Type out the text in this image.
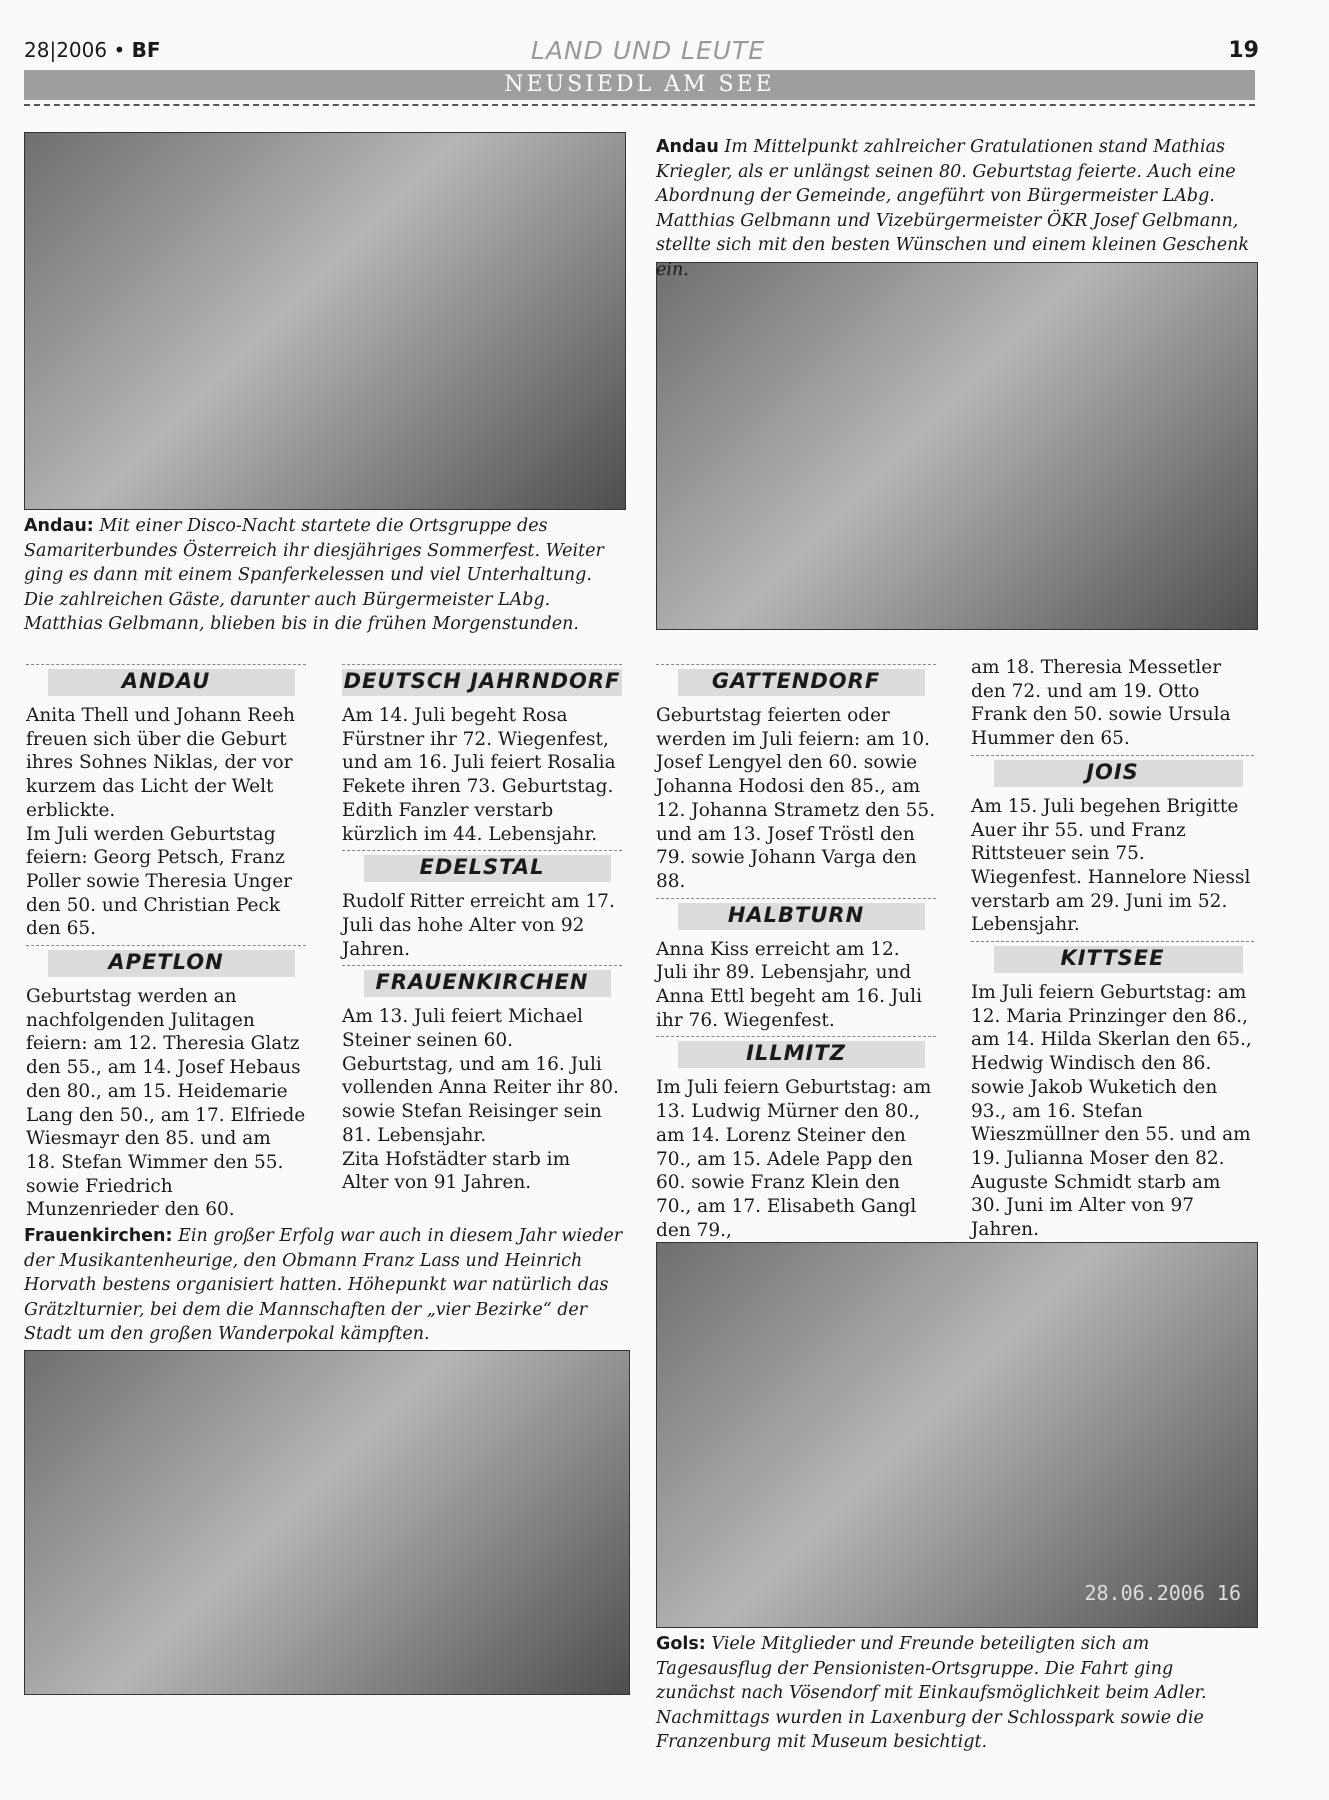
28|2006 • BF	LAND UND LEUTE	19
NEUSIEDL AM SEE
28.06.2006 16
Andau Im Mittelpunkt zahlreicher Gratulationen stand Mathias Kriegler, als er unlängst seinen 80. Geburtstag feierte. Auch eine Abordnung der Gemeinde, angeführt von Bürgermeister LAbg. Matthias Gelbmann und Vizebürgermeister ÖKR Josef Gelbmann, stellte sich mit den besten Wünschen und einem kleinen Geschenk ein.
Andau: Mit einer Disco-Nacht startete die Ortsgruppe des Samariterbundes Österreich ihr diesjähriges Sommerfest. Weiter ging es dann mit einem Spanferkelessen und viel Unterhaltung. Die zahlreichen Gäste, darunter auch Bürgermeister LAbg. Matthias Gelbmann, blieben bis in die frühen Morgenstunden.
Frauenkirchen: Ein großer Erfolg war auch in diesem Jahr wieder der Musikantenheurige, den Obmann Franz Lass und Heinrich Horvath bestens organisiert hatten. Höhepunkt war natürlich das Grätzlturnier, bei dem die Mannschaften der „vier Bezirke“ der Stadt um den großen Wanderpokal kämpften.
Gols: Viele Mitglieder und Freunde beteiligten sich am Tagesausflug der Pensionisten-Ortsgruppe. Die Fahrt ging zunächst nach Vösendorf mit Einkaufsmöglichkeit beim Adler. Nachmittags wurden in Laxenburg der Schlosspark sowie die Franzenburg mit Museum besichtigt.
ANDAU

Anita Thell und Johann Reeh freuen sich über die Geburt ihres Sohnes Niklas, der vor kurzem das Licht der Welt erblickte.

Im Juli werden Geburtstag feiern: Georg Petsch, Franz Poller sowie Theresia Unger den 50. und Christian Peck den 65.

APETLON

Geburtstag werden an nachfolgenden Julitagen feiern: am 12. Theresia Glatz den 55., am 14. Josef Hebaus den 80., am 15. Heidemarie Lang den 50., am 17. Elfriede Wiesmayr den 85. und am 18. Stefan Wimmer den 55. sowie Friedrich Munzenrieder den 60.

DEUTSCH JAHRNDORF

Am 14. Juli begeht Rosa Fürstner ihr 72. Wiegenfest, und am 16. Juli feiert Rosalia Fekete ihren 73. Geburtstag.

Edith Fanzler verstarb kürzlich im 44. Lebensjahr.

EDELSTAL

Rudolf Ritter erreicht am 17. Juli das hohe Alter von 92 Jahren.

FRAUENKIRCHEN

Am 13. Juli feiert Michael Steiner seinen 60. Geburtstag, und am 16. Juli vollenden Anna Reiter ihr 80. sowie Stefan Reisinger sein 81. Lebensjahr.

Zita Hofstädter starb im Alter von 91 Jahren.

GATTENDORF

Geburtstag feierten oder werden im Juli feiern: am 10. Josef Lengyel den 60. sowie Johanna Hodosi den 85., am 12. Johanna Strametz den 55. und am 13. Josef Tröstl den 79. sowie Johann Varga den 88.

HALBTURN

Anna Kiss erreicht am 12. Juli ihr 89. Lebensjahr, und Anna Ettl begeht am 16. Juli ihr 76. Wiegenfest.

ILLMITZ

Im Juli feiern Geburtstag: am 13. Ludwig Mürner den 80., am 14. Lorenz Steiner den 70., am 15. Adele Papp den 60. sowie Franz Klein den 70., am 17. Elisabeth Gangl den 79.,

am 18. Theresia Messetler den 72. und am 19. Otto Frank den 50. sowie Ursula Hummer den 65.

JOIS

Am 15. Juli begehen Brigitte Auer ihr 55. und Franz Rittsteuer sein 75. Wiegenfest. Hannelore Niessl verstarb am 29. Juni im 52. Lebensjahr.

KITTSEE

Im Juli feiern Geburtstag: am 12. Maria Prinzinger den 86., am 14. Hilda Skerlan den 65., Hedwig Windisch den 86. sowie Jakob Wuketich den 93., am 16. Stefan Wieszmüllner den 55. und am 19. Julianna Moser den 82.

Auguste Schmidt starb am 30. Juni im Alter von 97 Jahren.
